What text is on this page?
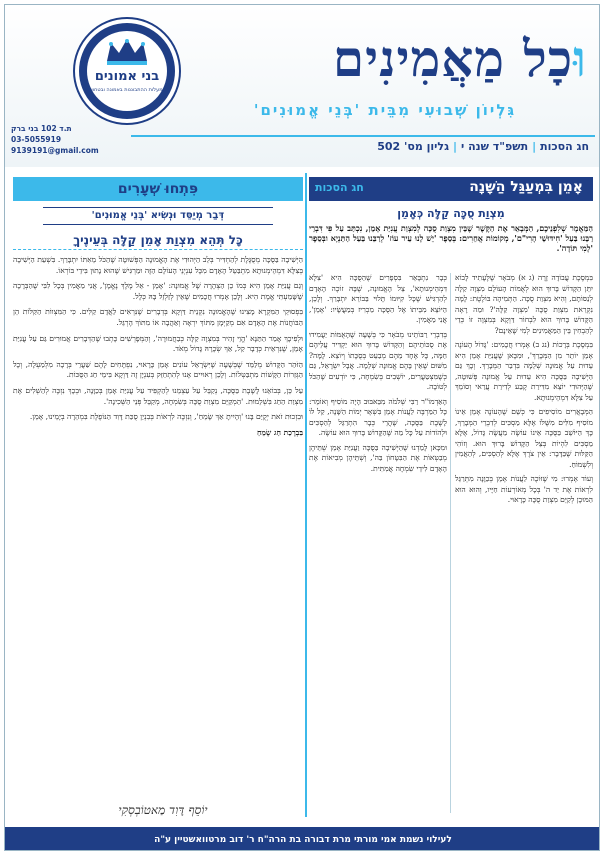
בני אמונים
מעלות ההתבוננות באמונה ובטחון
ת.ד 102 בני ברק
03-5055919
9139191@gmail.com
וּכָל מַאֲמִינִים
גִּלְיוֹן שְׁבוּעִי מִבֵּית 'בְּנֵי אֱמוּנִים'
חג הסכות|תשפ"ד שנה י|גליון מס' 502
אָמֵן בִּמְעַגַּל הַשָּׁנָה
חג הסכות
מִצְוַת סֻכָּה קַלָּה כְּאָמֵן
הַמַּאֲמָר שְׁלִפְנֵיכֶם, הַמְּבָאֵר אֶת הַקֶּשֶׁר שֶׁבֵּין מִצְוַת סֻכָּה לְמִצְוַת עֲנִיַּת אָמֵן, נִכְתַּב עַל פִּי דִּבְרֵי רַבֵּנוּ בַּעַל 'חִידּוּשֵׁי הָרִי"ם', מְקוֹמוֹת אֲחֵרִים: בְּסֵפֶר 'יֵשׁ לָנוּ עֵיר עוֹז' לְרַבֵּנוּ בַּעַל הַתַּנְיָא ובְּסֵפֶר 'לָמִי תּוֹדָה'.

בִּמְסֶכֶת עֲבוֹדָה זָרָה (ג א) מְבֹאָר שֶׁלֶּעָתִיד לָבוֹא יִתֵּן הַקָּדוֹשׁ בָּרוּךְ הוּא לְאֻמּוֹת הָעוֹלָם מִצְוָה קַלָּה לְנַסּוֹתָם, וְהִיא מִצְוַת סֻכָּה. הַתְּמִיהָה בּוֹלֶטֶת: לָמָּה נִקְרֵאת מִצְוַת סֻכָּה 'מִצְוָה קַלָּה'? וּמַה רָאָה הַקָּדוֹשׁ בָּרוּךְ הוּא לִבְחוֹר דַּוְקָא בְּמִצְוָה זוֹ כְּדֵי לְהַבְחִין בֵּין הַמַּאֲמִינִים לְמִי שֶׁאֵינָם?

בִּמְסֶכֶת בְּרָכוֹת (נג ב) אָמְרוּ חֲכָמִים: 'גָּדוֹל הָעוֹנֶה אָמֵן יוֹתֵר מִן הַמְּבָרֵךְ', וּמִכָּאן שֶׁעֲנִיַּת אָמֵן הִיא עֵדוּת עַל אֱמוּנָה שְׁלֵמָה בִּדְבַר הַמְּבָרֵךְ. וְכָךְ גַּם הַיְּשִׁיבָה בַּסֻּכָּה הִיא עֵדוּת עַל אֱמוּנָה פְּשׁוּטָה, שֶׁהַיְּהוּדִי יוֹצֵא מִדִּירַת קֶבַע לְדִירַת עֲרַאי וְסוֹמֵךְ עַל צִלָּא דִּמְהֵימְנוּתָא.

הַמְּבָאֲרִים מוֹסִיפִים כִּי כְּשֵׁם שֶׁהָעוֹנֶה אָמֵן אֵינוֹ מוֹסִיף מִלִּים מִשֶּׁלּוֹ אֶלָּא מַסְכִּים לְדִבְרֵי הַמְּבָרֵךְ, כָּךְ הַיּוֹשֵׁב בַּסֻּכָּה אֵינוֹ עוֹשֶׂה מַעֲשֶׂה גָּדוֹל, אֶלָּא מַסְכִּים לִהְיוֹת בְּצֵל הַקָּדוֹשׁ בָּרוּךְ הוּא. וְזוֹהִי הַקַּלּוּת שֶׁבַּדָּבָר: אֵין צֹרֶךְ אֶלָּא לְהַסְכִּים, לְהַאֲמִין וְלִשְׁמוֹחַ.

וְעוֹד אָמְרוּ: מִי שֶׁזּוֹכֶה לַעֲנוֹת אָמֵן בְּכַוָּנָה מִתְּרַגֵּל לִרְאוֹת אֶת יַד ה' בְּכָל מְאוֹרְעוֹת חַיָּיו, וְהוּא הוּא הַמּוּכָן לְקַיֵּם מִצְוַת סֻכָּה כָּרָאוּי.

כְּבָר נִתְבָּאֵר בִּסְפָרִים שֶׁהַסֻּכָּה הִיא 'צִלָּא דִּמְהֵימְנוּתָא', צֵל הָאֱמוּנָה, שֶׁבָּהּ זוֹכֶה הָאָדָם לְהַרְגִּישׁ שֶׁכָּל קִיּוּמוֹ תָּלוּי בַּבּוֹרֵא יִתְבָּרַךְ. וְלָכֵן, הַיּוֹצֵא מִבֵּיתוֹ אֶל הַסֻּכָּה מַכְרִיז בְּמַעֲשָׂיו: 'אָמֵן', אֲנִי מַאֲמִין.

בְּדִבְרֵי רַבּוֹתֵינוּ מְבֹאָר כִּי בְּשָׁעָה שֶׁהָאֻמּוֹת יַעֲמִידוּ אֶת סֻכּוֹתֵיהֶם וְהַקָּדוֹשׁ בָּרוּךְ הוּא יַקְדִּיר עֲלֵיהֶם חַמָּה, כָּל אֶחָד מֵהֶם מְבַעֵט בְּסֻכָּתוֹ וְיוֹצֵא. לָמָּה? מִשּׁוּם שֶׁאֵין בָּהֶם אֱמוּנָה שְׁלֵמָה. אֲבָל יִשְׂרָאֵל, גַּם כְּשֶׁמִּצְטַעֲרִים, יוֹשְׁבִים בְּשִׂמְחָה, כִּי יוֹדְעִים שֶׁהַכֹּל לְטוֹבָה.

הָאַדְמוֹ"ר רַבִּי שְׁלֹמֹה מִבַּאבּוּב הָיָה מוֹסִיף וְאוֹמֵר: כָּל הַמַּרְבֶּה לַעֲנוֹת אָמֵן בִּשְׁאָר יְמוֹת הַשָּׁנָה, קַל לוֹ לָשֶׁבֶת בַּסֻּכָּה, שֶׁהֲרֵי כְּבָר הִתְרַגֵּל לְהַסְכִּים וּלְהוֹדוֹת עַל כָּל מַה שֶּׁהַקָּדוֹשׁ בָּרוּךְ הוּא עוֹשֶׂה.

וּמִכָּאן לָמַדְנוּ שֶׁהַיְּשִׁיבָה בַּסֻּכָּה וַעֲנִיַּת אָמֵן שְׁתֵּיהֶן מְבַטְּאוֹת אֶת הַבִּטָּחוֹן בַּה', וְשְׁתֵּיהֶן מְבִיאוֹת אֶת הָאָדָם לִידֵי שִׂמְחָה אֲמִתִּית.

פִּתְחוּ שְׁעָרִים
דְּבַר מְיַסֵּד וּנְשִׂיא 'בְּנֵי אֱמוּנִים'
כָּל תְּהֵא מִצְוַת אָמֵן קַלָּה בְּעֵינֶיךָ

הַיְּשִׁיבָה בַּסֻּכָּה מְסֻגֶּלֶת לְהַחְדִּיר בְּלֵב הַיְּהוּדִי אֶת הָאֱמוּנָה הַפְּשׁוּטָה שֶׁהַכֹּל מֵאִתּוֹ יִתְבָּרַךְ. בִּשְׁעַת הַיְּשִׁיבָה בְּצִלָּא דִּמְהֵימְנוּתָא מִתְבַּטֵּל הָאָדָם מִכָּל עִנְיְנֵי הָעוֹלָם הַזֶּה וּמַרְגִּישׁ שֶׁהוּא נָתוּן בִּידֵי בּוֹרְאוֹ.

וְגַם עֲנִיַּת אָמֵן הִיא כְּמוֹ כֵן הַצְהָרָה שֶׁל אֱמוּנָה: 'אָמֵן - אֵל מֶלֶךְ נֶאֱמָן', אֲנִי מַאֲמִין בְּכָל לִבִּי שֶׁהַבְּרָכָה שֶׁשָּׁמַעְתִּי אֱמֶת הִיא. וְלָכֵן אָמְרוּ חֲכָמִים שֶׁאֵין לְזַלְזֵל בָּהּ כְּלָל.

בִּפְסוּקֵי הַמִּקְרָא מָצִינוּ שֶׁהָאֱמוּנָה נִקְנֵית דַּוְקָא בְּדְבָרִים שֶׁנִּרְאִים לַאֲדָם קַלִּים. כִּי הַמִּצְווֹת הַקַּלּוֹת הֵן הַבּוֹחֲנוֹת אֶת הָאָדָם אִם מְקַיְּמָן מִתּוֹךְ יִרְאָה וְאַהֲבָה אוֹ מִתּוֹךְ הֶרְגֵּל.

וּלְפִיכָךְ אָמַר הַתַּנָּא 'הֱוֵי זָהִיר בְּמִצְוָה קַלָּה כְּבַחֲמוּרָה', וְהַמְּפָרְשִׁים כָּתְבוּ שֶׁהַדְּבָרִים אֲמוּרִים גַּם עַל עֲנִיַּת אָמֵן, שֶׁנִּרְאֵית כְּדָבָר קַל, אַךְ שְׂכָרָהּ גָּדוֹל מְאֹד.

הַזֹּהַר הַקָּדוֹשׁ מְלַמֵּד שֶׁבְּשָׁעָה שֶׁיִּשְׂרָאֵל עוֹנִים אָמֵן כָּרָאוּי, נִפְתָּחִים לָהֶם שַׁעֲרֵי בְּרָכָה מִלְמַעְלָה, וְכָל הַגְּזֵרוֹת הַקָּשׁוֹת מִתְבַּטְּלוֹת. וְלָכֵן רְאוּיִים אָנוּ לְהִתְחַזֵּק בְּעִנְיָן זֶה דַּוְקָא בִּימֵי חַג הַסֻּכּוֹת.

עַל כֵּן, בְּבוֹאֵנוּ לָשֶׁבֶת בַּסֻּכָּה, נְקַבֵּל עַל עַצְמֵנוּ לְהַקְפִּיד עַל עֲנִיַּת אָמֵן בְּכַוָּנָה, וּבְכָךְ נִזְכֶּה לְהַשְׁלִים אֶת מִצְוַת הַחַג בִּשְׁלֵמוּת. 'הַמְקַיֵּם מִצְוַת סֻכָּה בְּשִׂמְחָה, מְקַבֵּל פְּנֵי הַשְּׁכִינָה'.

וּבִזְכוּת זֹאת יְקֻיַּם בָּנוּ 'וְהָיִיתָ אַךְ שָׂמֵחַ', וְנִזְכֶּה לִרְאוֹת בְּבִנְיַן סֻכַּת דָּוִד הַנּוֹפֶלֶת בִּמְהֵרָה בְיָמֵינוּ, אָמֵן.

בִּבְרָכַת חַג שָׂמֵחַ

יוֹסֵף דָּוִד מַאטוֹבְסְקִי
לעילוי נשמת אמי מורתי מרת דבורה בת הרה"ח ר' דוב מרטוואשטיין ע"ה
